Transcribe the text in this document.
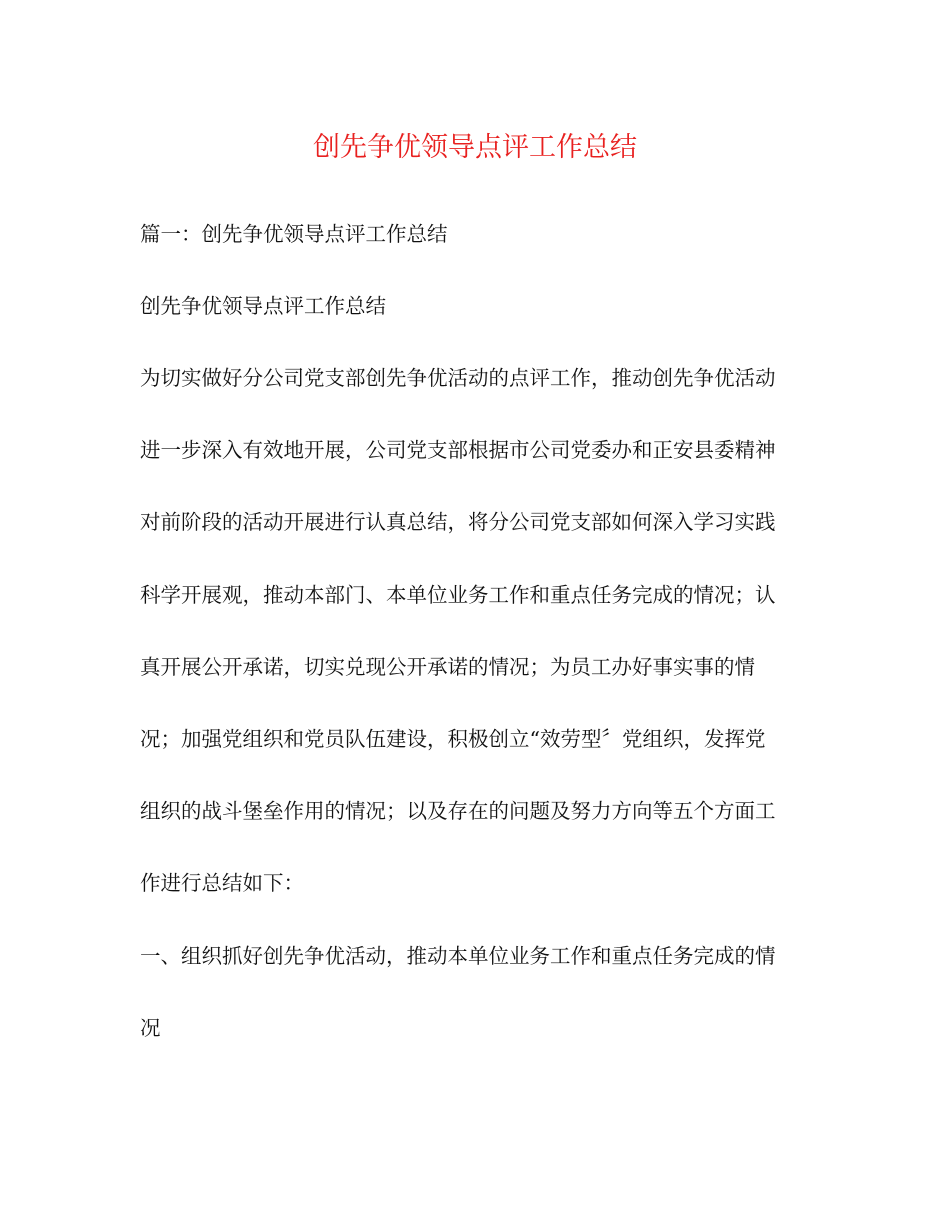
创先争优领导点评工作总结
篇一：创先争优领导点评工作总结
创先争优领导点评工作总结
为切实做好分公司党支部创先争优活动的点评工作，推动创先争优活动
进一步深入有效地开展，公司党支部根据市公司党委办和正安县委精神
对前阶段的活动开展进行认真总结，将分公司党支部如何深入学习实践
科学开展观，推动本部门、本单位业务工作和重点任务完成的情况；认
真开展公开承诺，切实兑现公开承诺的情况；为员工办好事实事的情
况；加强党组织和党员队伍建设，积极创立“效劳型〞党组织，发挥党
组织的战斗堡垒作用的情况；以及存在的问题及努力方向等五个方面工
作进行总结如下：
一、组织抓好创先争优活动，推动本单位业务工作和重点任务完成的情
况
